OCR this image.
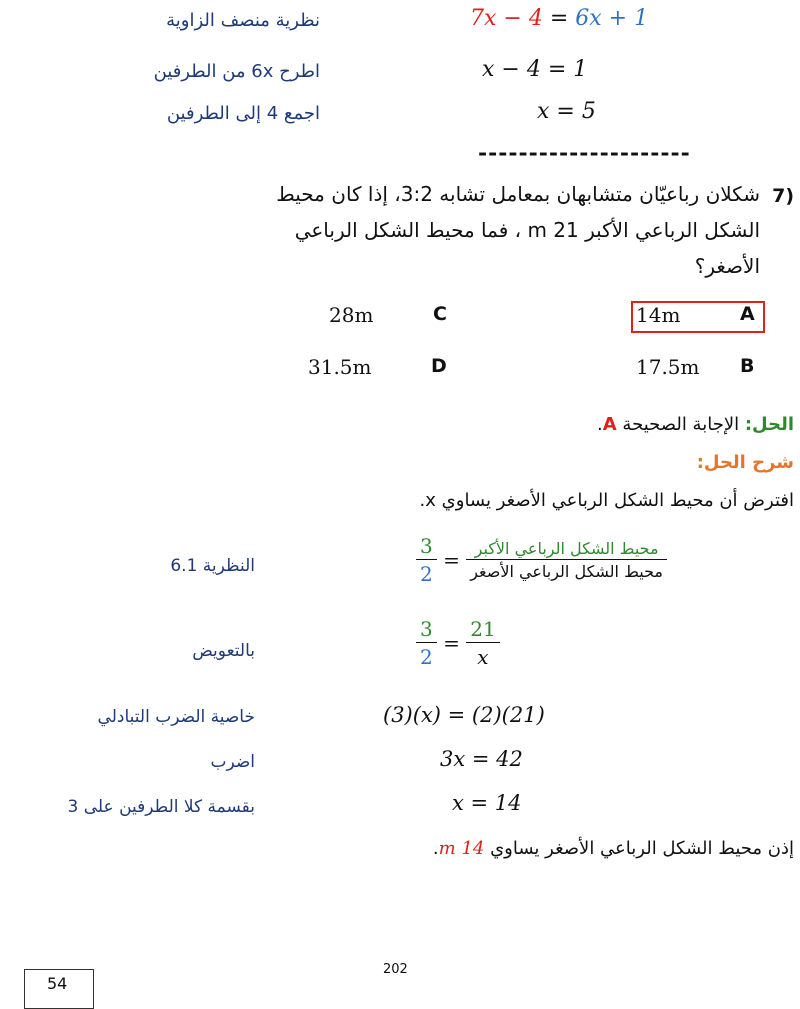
نظرية منصف الزاوية	7x − 4 = 6x + 1
اطرح 6x من الطرفين	x − 4 = 1
اجمع 4 إلى الطرفين	x = 5
---------------------
7)
شكلان رباعيّان متشابهان بمعامل تشابه 3:2، إذا كان محيط
الشكل الرباعي الأكبر 21 m ، فما محيط الشكل الرباعي
الأصغر؟
14m	A
17.5m B
28m	C
31.5m	D
الحل: الإجابة الصحيحة A.
شرح الحل:
افترض أن محيط الشكل الرباعي الأصغر يساوي x.
النظرية 6.1	$\frac{3}{2} = \frac{\text{محيط الشكل الرباعي الأكبر}}{\text{محيط الشكل الرباعي الأصغر}}$
بالتعويض	$\frac{3}{2} = \frac{21}{x}$
خاصية الضرب التبادلي	(3)(x) = (2)(21)
اضرب	3x = 42
بقسمة كلا الطرفين على 3	x = 14
إذن محيط الشكل الرباعي الأصغر يساوي 14 m.
202
54
